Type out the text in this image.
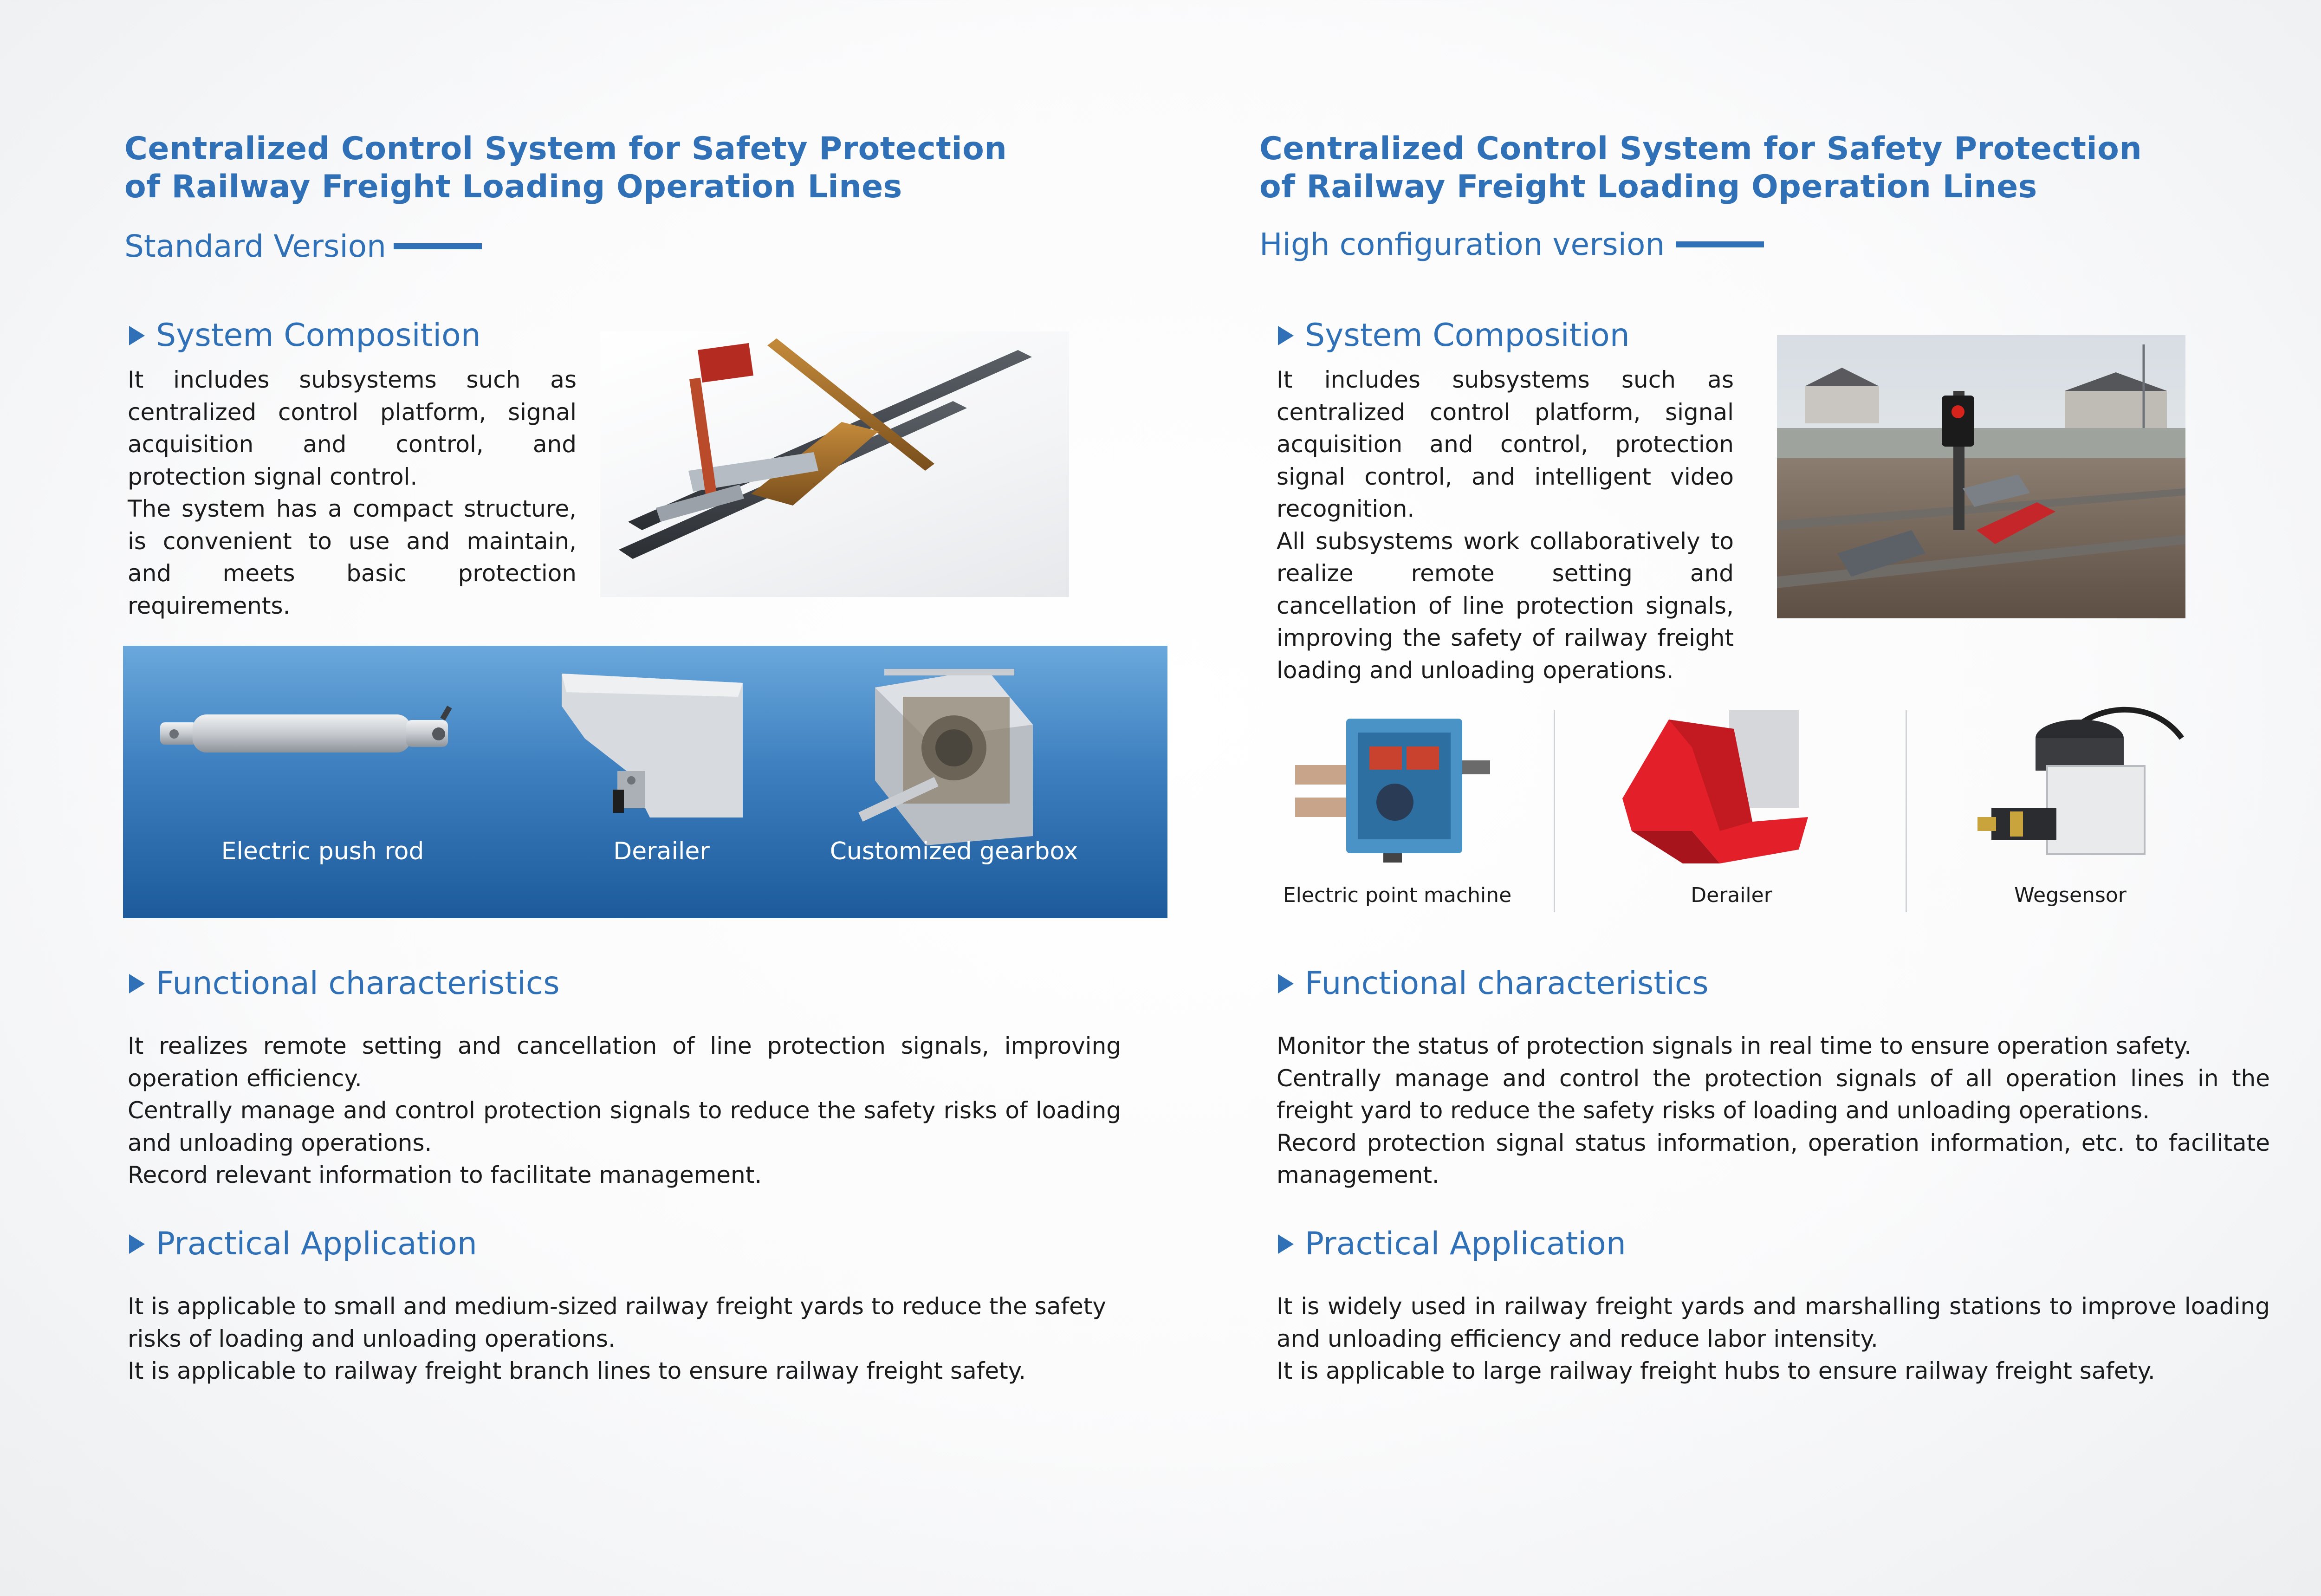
Centralized Control System for Safety Protection
of Railway Freight Loading Operation Lines
Standard Version
System Composition

It includes subsystems such as

centralized control platform, signal

acquisition and control, and

protection signal control.

The system has a compact structure,

is convenient to use and maintain,

and meets basic protection

requirements.

Electric push rod	Derailer	Customized gearbox
Functional characteristics

It realizes remote setting and cancellation of line protection signals, improving

operation efficiency.

Centrally manage and control protection signals to reduce the safety risks of loading

and unloading operations.

Record relevant information to facilitate management.

Practical Application

It is applicable to small and medium-sized railway freight yards to reduce the safety

risks of loading and unloading operations.

It is applicable to railway freight branch lines to ensure railway freight safety.

Centralized Control System for Safety Protection
of Railway Freight Loading Operation Lines
High configuration version
System Composition

It includes subsystems such as

centralized control platform, signal

acquisition and control, protection

signal control, and intelligent video

recognition.

All subsystems work collaboratively to

realize remote setting and

cancellation of line protection signals,

improving the safety of railway freight

loading and unloading operations.

Electric point machine	Derailer	Wegsensor
Functional characteristics

Monitor the status of protection signals in real time to ensure operation safety.

Centrally manage and control the protection signals of all operation lines in the

freight yard to reduce the safety risks of loading and unloading operations.

Record protection signal status information, operation information, etc. to facilitate

management.

Practical Application

It is widely used in railway freight yards and marshalling stations to improve loading

and unloading efficiency and reduce labor intensity.

It is applicable to large railway freight hubs to ensure railway freight safety.
